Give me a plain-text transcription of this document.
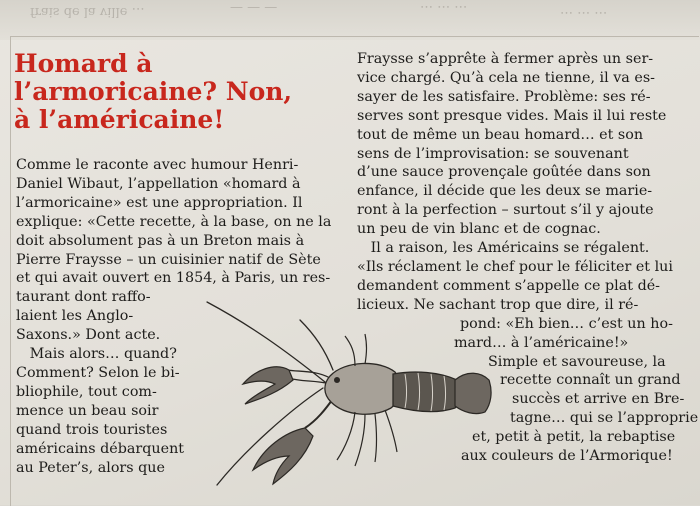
frais de la ville …	— — —	… … …	… … …
Homard à
l’armoricaine? Non,
à l’américaine!
Comme le raconte avec humour Henri-
Daniel Wibaut, l’appellation «homard à
l’armoricaine» est une appropriation. Il
explique: «Cette recette, à la base, on ne la
doit absolument pas à un Breton mais à
Pierre Fraysse – un cuisinier natif de Sète
et qui avait ouvert en 1854, à Paris, un res-
taurant dont raffo-
laient les Anglo-
Saxons.» Dont acte.
Mais alors… quand?
Comment? Selon le bi-
bliophile, tout com-
mence un beau soir
quand trois touristes
américains débarquent
au Peter’s, alors que
Fraysse s’apprête à fermer après un ser-
vice chargé. Qu’à cela ne tienne, il va es-
sayer de les satisfaire. Problème: ses ré-
serves sont presque vides. Mais il lui reste
tout de même un beau homard… et son
sens de l’improvisation: se souvenant
d’une sauce provençale goûtée dans son
enfance, il décide que les deux se marie-
ront à la perfection – surtout s’il y ajoute
un peu de vin blanc et de cognac.
Il a raison, les Américains se régalent.
«Ils réclament le chef pour le féliciter et lui
demandent comment s’appelle ce plat dé-
licieux. Ne sachant trop que dire, il ré-
pond: «Eh bien… c’est un ho-
mard… à l’américaine!»
Simple et savoureuse, la
recette connaît un grand
succès et arrive en Bre-
tagne… qui se l’approprie
et, petit à petit, la rebaptise
aux couleurs de l’Armorique!
